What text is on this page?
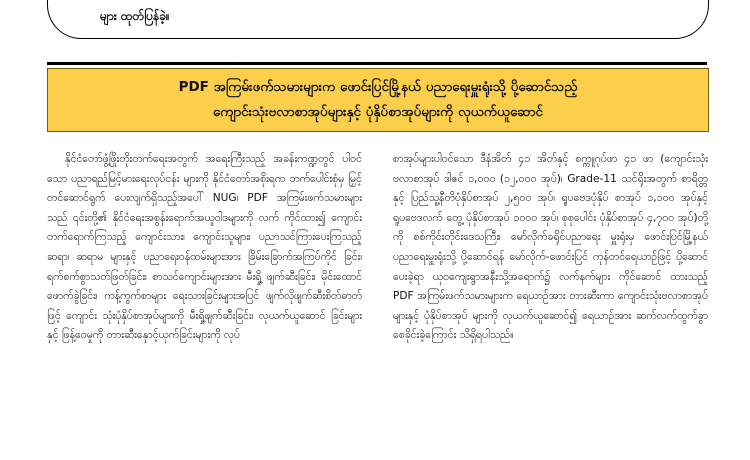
များ ထုတ်ပြန်ခဲ့။

PDF အကြမ်းဖက်သမားများက ဖောင်းပြင်မြို့နယ် ပညာရေးမှူးရုံးသို့ ပို့ဆောင်သည့်

ကျောင်းသုံးဗလာစာအုပ်များနှင့် ပုံနှိပ်စာအုပ်များကို လုယက်ယူဆောင်

နိုင်ငံတော်ဖွံ့ဖြိုးတိုးတက်ရေးအတွက် အရေးကြီးသည့် အခန်းကဏ္ဍတွင် ပါဝင်သော ပညာရည်မြင့်မားရေးလုပ်ငန်း များကို နိုင်ငံတော်အစိုးရက ဘက်ပေါင်းစုံမှ မြှင့်တင်ဆောင်ရွက် ပေးလျက်ရှိသည့်အပေါ် NUG၊ PDF အကြမ်းဖက်သမားများ သည် ၎င်းတို့၏ နိုင်ငံရေးအစွန်းရောက်အယူဝါဒများကို လက် ကိုင်ထား၍ ကျောင်းတက်ရောက်ကြသည့် ကျောင်းသား၊ ကျောင်းသူများ၊ ပညာသင်ကြားပေးကြသည့် ဆရာ၊ ဆရာမ များနှင့် ပညာရေးဝန်ထမ်းများအား ခြိမ်းခြောက်အကြပ်ကိုင် ခြင်း၊ ရက်စက်စွာသတ်ဖြတ်ခြင်း၊ စာသင်ကျောင်းများအား မီးရှို့ ဖျက်ဆီးခြင်း၊ မိုင်းထောင်ဖောက်ခွဲခြင်း၊ ကန့်ကွက်စာများ ရေးသားခြင်းများအပြင် ဖျက်လိုဖျက်ဆီးစိတ်ဓာတ်ဖြင့် ကျောင်း သုံးပုံနှိပ်စာအုပ်များကို မီးရှို့ဖျက်ဆီးခြင်း၊ လုယက်ယူဆောင် ခြင်းများနှင့် ဖြန့်ဝေမှုကို တားဆီးနှောင့်ယှက်ခြင်းများကို လုပ်

စာအုပ်များပါဝင်သော ဒီနံအိတ် ၄၁ အိတ်နှင့် စက္ကူဂုပ်ဖာ ၄၁ ဖာ (ကျောင်းသုံးဗလာစာအုပ် ဒါဇင် ၁,၀၀၀ (၁၂,၀၀၀ အုပ်)၊ Grade-11 သင်ရိုးအတွက် စာရိတ္တနှင့် ပြည်သူ့နီတိပုံနှိပ်စာအုပ် ၂,၅၀၀ အုပ်၊ ရူပဗေဒပုံနှိပ် စာအုပ် ၁,၁၀၀ အုပ်နှင့် ရူပဗေဒလက် တွေ့ ပုံနှိပ်စာအုပ် ၁၀၀၀ အုပ်၊ စုစုပေါင်း ပုံနှိပ်စာအုပ် ၄,၇၀၀ အုပ်)တို့ကို စစ်ကိုင်းတိုင်းဒေသကြီး၊ မော်လိုက်ခရိုင်ပညာရေး မှူးရုံးမှ ဖောင်းပြင်မြို့နယ် ပညာရေးမှူးရုံးသို့ ပို့ဆောင်ရန် မော်လိုက်-ဖောင်းပြင် ကုန်တင်ရေယာဉ်ဖြင့် ပို့ဆောင်ပေးခဲ့ရာ ယုဝကျေးရွာအနီးသို့အရောက်၌ လက်နက်များ ကိုင်ဆောင် ထားသည့် PDF အကြမ်းဖက်သမားများက ရေယာဉ်အား တားဆီးကာ ကျောင်းသုံးဗလာစာအုပ်များနှင့် ပုံနှိပ်စာအုပ် များကို လုယက်ယူဆောင်၍ ရေယာဉ်အား ဆက်လက်ထွက်ခွာ စေခိုင်းခဲ့ကြောင်း သိရှိရပါသည်။
